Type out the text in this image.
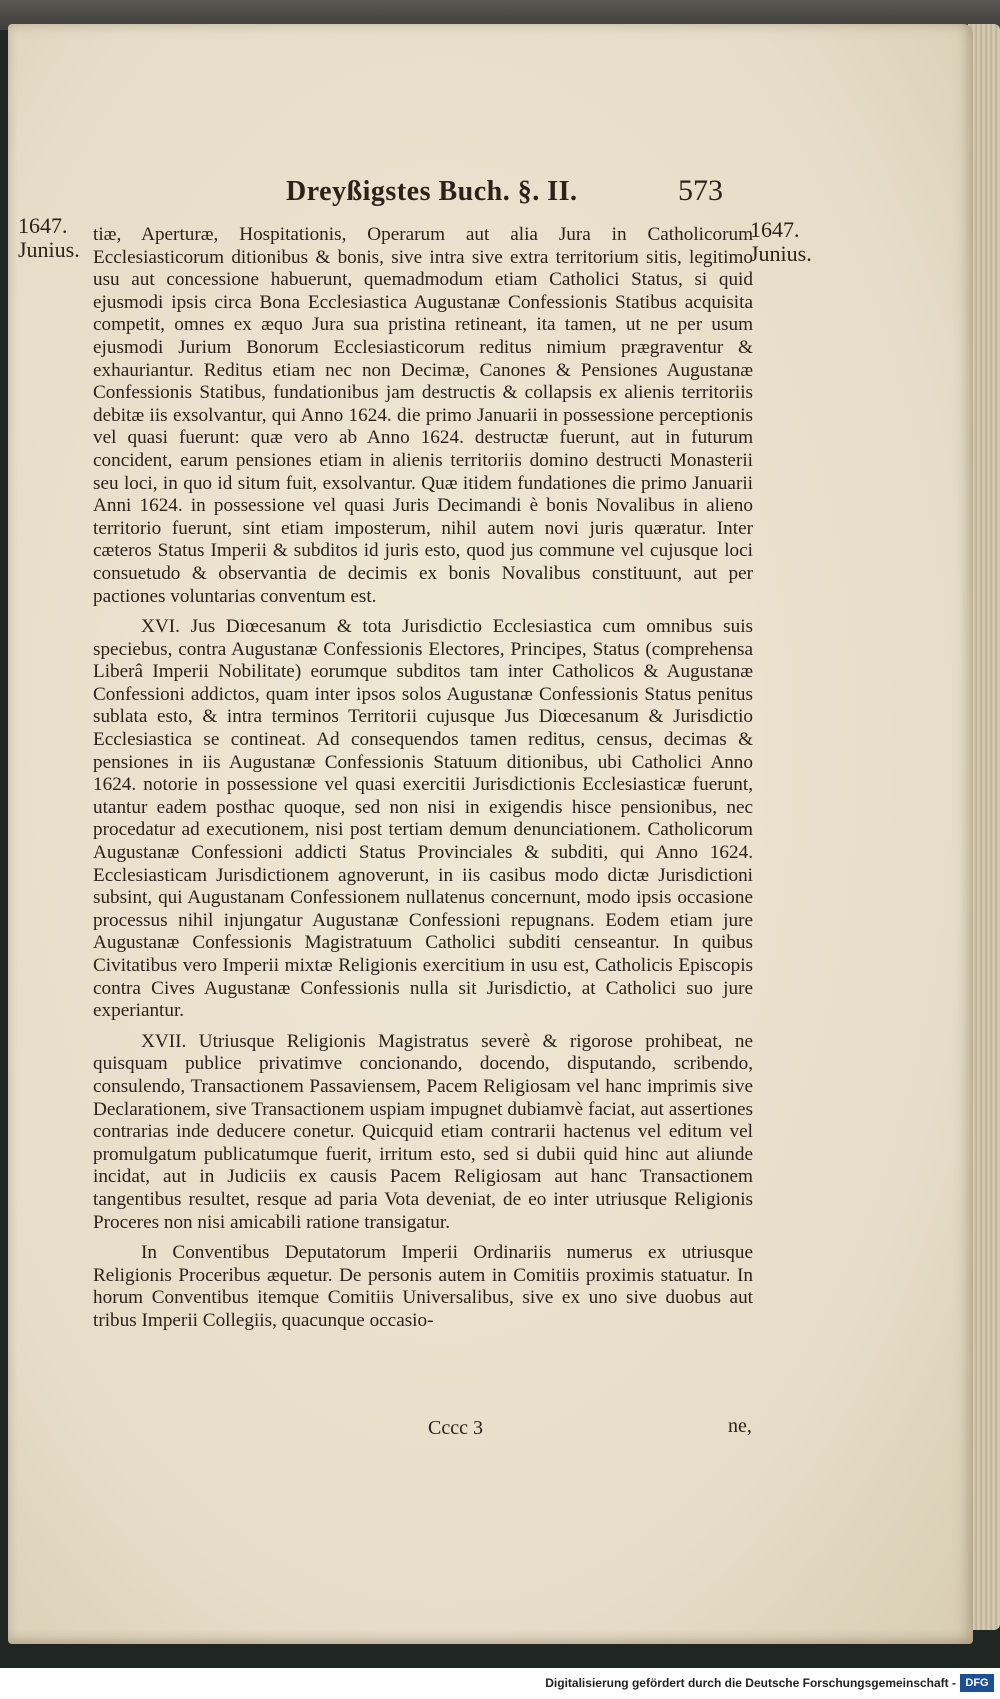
Dreyßigstes Buch. §. II.	573
1647.
Junius.
1647.
Junius.

tiæ, Aperturæ, Hospitationis, Operarum aut alia Jura in Catholicorum Ecclesiasticorum ditionibus & bonis, sive intra sive extra territorium sitis, legitimo usu aut concessione habuerunt, quemadmodum etiam Catholici Status, si quid ejusmodi ipsis circa Bona Ecclesiastica Augustanæ Confessionis Statibus acquisita competit, omnes ex æquo Jura sua pristina retineant, ita tamen, ut ne per usum ejusmodi Jurium Bonorum Ecclesiasticorum reditus nimium prægraventur & exhauriantur. Reditus etiam nec non Decimæ, Canones & Pensiones Augustanæ Confessionis Statibus, fundationibus jam destructis & collapsis ex alienis territoriis debitæ iis exsolvantur, qui Anno 1624. die primo Januarii in possessione perceptionis vel quasi fuerunt: quæ vero ab Anno 1624. destructæ fuerunt, aut in futurum concident, earum pensiones etiam in alienis territoriis domino destructi Monasterii seu loci, in quo id situm fuit, exsolvantur. Quæ itidem fundationes die primo Januarii Anni 1624. in possessione vel quasi Juris Decimandi è bonis Novalibus in alieno territorio fuerunt, sint etiam imposterum, nihil autem novi juris quæratur. Inter cæteros Status Imperii & subditos id juris esto, quod jus commune vel cujusque loci consuetudo & observantia de decimis ex bonis Novalibus constituunt, aut per pactiones voluntarias conventum est.

XVI. Jus Diœcesanum & tota Jurisdictio Ecclesiastica cum omnibus suis speciebus, contra Augustanæ Confessionis Electores, Principes, Status (comprehensa Liberâ Imperii Nobilitate) eorumque subditos tam inter Catholicos & Augustanæ Confessioni addictos, quam inter ipsos solos Augustanæ Confessionis Status penitus sublata esto, & intra terminos Territorii cujusque Jus Diœcesanum & Jurisdictio Ecclesiastica se contineat. Ad consequendos tamen reditus, census, decimas & pensiones in iis Augustanæ Confessionis Statuum ditionibus, ubi Catholici Anno 1624. notorie in possessione vel quasi exercitii Jurisdictionis Ecclesiasticæ fuerunt, utantur eadem posthac quoque, sed non nisi in exigendis hisce pensionibus, nec procedatur ad executionem, nisi post tertiam demum denunciationem. Catholicorum Augustanæ Confessioni addicti Status Provinciales & subditi, qui Anno 1624. Ecclesiasticam Jurisdictionem agnoverunt, in iis casibus modo dictæ Jurisdictioni subsint, qui Augustanam Confessionem nullatenus concernunt, modo ipsis occasione processus nihil injungatur Augustanæ Confessioni repugnans. Eodem etiam jure Augustanæ Confessionis Magistratuum Catholici subditi censeantur. In quibus Civitatibus vero Imperii mixtæ Religionis exercitium in usu est, Catholicis Episcopis contra Cives Augustanæ Confessionis nulla sit Jurisdictio, at Catholici suo jure experiantur.

XVII. Utriusque Religionis Magistratus severè & rigorose prohibeat, ne quisquam publice privatimve concionando, docendo, disputando, scribendo, consulendo, Transactionem Passaviensem, Pacem Religiosam vel hanc imprimis sive Declarationem, sive Transactionem uspiam impugnet dubiamvè faciat, aut assertiones contrarias inde deducere conetur. Quicquid etiam contrarii hactenus vel editum vel promulgatum publicatumque fuerit, irritum esto, sed si dubii quid hinc aut aliunde incidat, aut in Judiciis ex causis Pacem Religiosam aut hanc Transactionem tangentibus resultet, resque ad paria Vota deveniat, de eo inter utriusque Religionis Proceres non nisi amicabili ratione transigatur.

In Conventibus Deputatorum Imperii Ordinariis numerus ex utriusque Religionis Proceribus æquetur. De personis autem in Comitiis proximis statuatur. In horum Conventibus itemque Comitiis Universalibus, sive ex uno sive duobus aut tribus Imperii Collegiis, quacunque occasio-

Cccc 3	ne,
Digitalisierung gefördert durch die Deutsche Forschungsgemeinschaft - DFG
